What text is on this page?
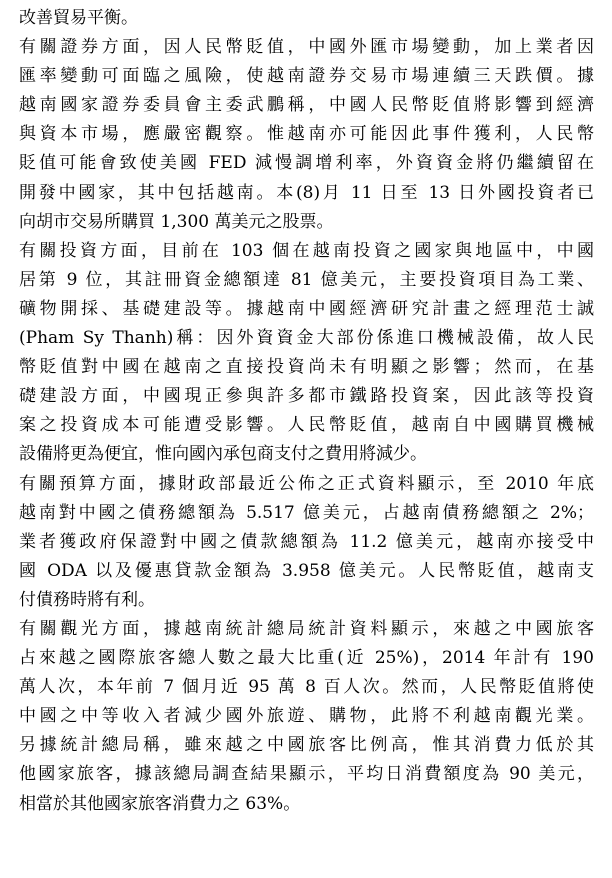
改善貿易平衡。
有關證券方面，因人民幣貶值，中國外匯市場變動，加上業者因
匯率變動可面臨之風險，使越南證券交易市場連續三天跌價。據
越南國家證券委員會主委武鵬稱，中國人民幣貶值將影響到經濟
與資本市場，應嚴密觀察。惟越南亦可能因此事件獲利，人民幣
貶值可能會致使美國 FED 減慢調增利率，外資資金將仍繼續留在
開發中國家，其中包括越南。本(8)月 11 日至 13 日外國投資者已
向胡市交易所購買 1,300 萬美元之股票。
有關投資方面，目前在 103 個在越南投資之國家與地區中，中國
居第 9 位，其註冊資金總額達 81 億美元，主要投資項目為工業、
礦物開採、基礎建設等。據越南中國經濟研究計畫之經理范士誠
(Pham Sy Thanh)稱：因外資資金大部份係進口機械設備，故人民
幣貶值對中國在越南之直接投資尚未有明顯之影響；然而，在基
礎建設方面，中國現正參與許多都市鐵路投資案，因此該等投資
案之投資成本可能遭受影響。人民幣貶值，越南自中國購買機械
設備將更為便宜，惟向國內承包商支付之費用將減少。
有關預算方面，據財政部最近公佈之正式資料顯示，至 2010 年底
越南對中國之債務總額為 5.517 億美元，占越南債務總額之 2%；
業者獲政府保證對中國之債款總額為 11.2 億美元，越南亦接受中
國 ODA 以及優惠貸款金額為 3.958 億美元。人民幣貶值，越南支
付債務時將有利。
有關觀光方面，據越南統計總局統計資料顯示，來越之中國旅客
占來越之國際旅客總人數之最大比重(近 25%)，2014 年計有 190
萬人次，本年前 7 個月近 95 萬 8 百人次。然而，人民幣貶值將使
中國之中等收入者減少國外旅遊、購物，此將不利越南觀光業。
另據統計總局稱，雖來越之中國旅客比例高，惟其消費力低於其
他國家旅客，據該總局調查結果顯示，平均日消費額度為 90 美元，
相當於其他國家旅客消費力之 63%。
